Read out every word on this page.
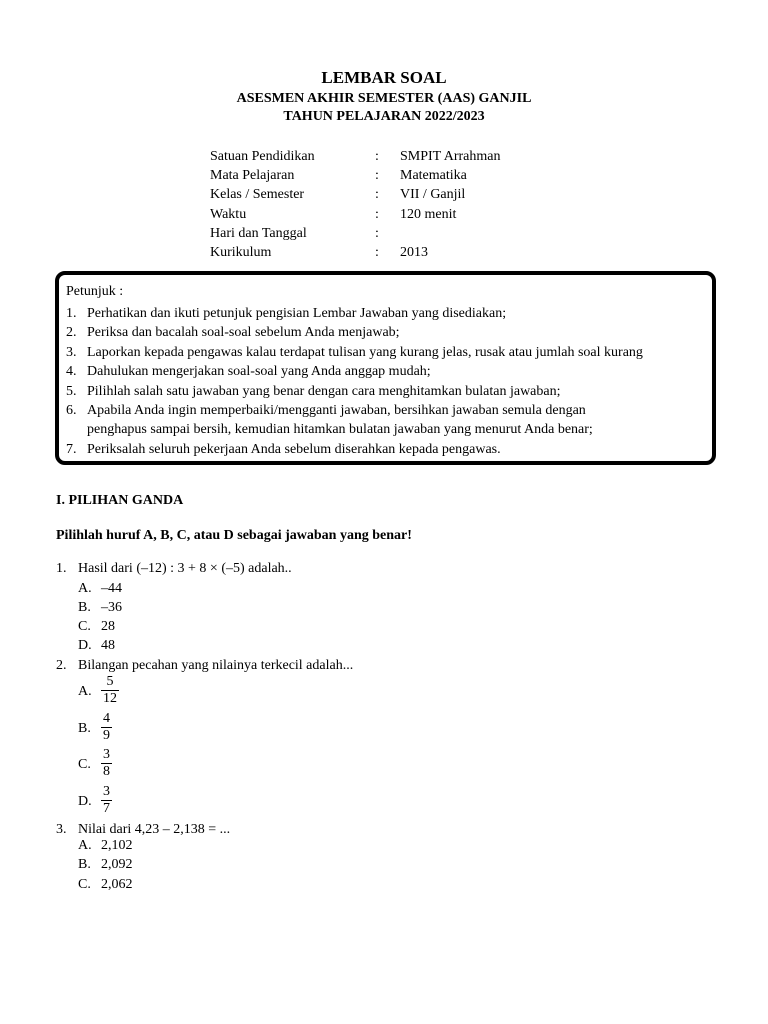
LEMBAR SOAL
ASESMEN AKHIR SEMESTER (AAS) GANJIL
TAHUN PELAJARAN 2022/2023
Satuan Pendidikan	: SMPIT Arrahman
Mata Pelajaran	: Matematika
Kelas / Semester	: VII / Ganjil
Waktu	: 120 menit
Hari dan Tanggal	:
Kurikulum	: 2013
Petunjuk :
1. Perhatikan dan ikuti petunjuk pengisian Lembar Jawaban yang disediakan;
2. Periksa dan bacalah soal-soal sebelum Anda menjawab;
3. Laporkan kepada pengawas kalau terdapat tulisan yang kurang jelas, rusak atau jumlah soal kurang
4. Dahulukan mengerjakan soal-soal yang Anda anggap mudah;
5. Pilihlah salah satu jawaban yang benar dengan cara menghitamkan bulatan jawaban;
6. Apabila Anda ingin memperbaiki/mengganti jawaban, bersihkan jawaban semula dengan
penghapus sampai bersih, kemudian hitamkan bulatan jawaban yang menurut Anda benar;
7. Periksalah seluruh pekerjaan Anda sebelum diserahkan kepada pengawas.
I. PILIHAN GANDA
Pilihlah huruf A, B, C, atau D sebagai jawaban yang benar!
1. Hasil dari (–12) : 3 + 8 × (–5) adalah..
A. –44
B. –36
C. 28
D. 48
2. Bilangan pecahan yang nilainya terkecil adalah...
A. $\frac{5}{12}$
B. $\frac{4}{9}$
C. $\frac{3}{8}$
D. $\frac{3}{7}$
3. Nilai dari 4,23 – 2,138 = ...
A. 2,102
B. 2,092
C. 2,062
